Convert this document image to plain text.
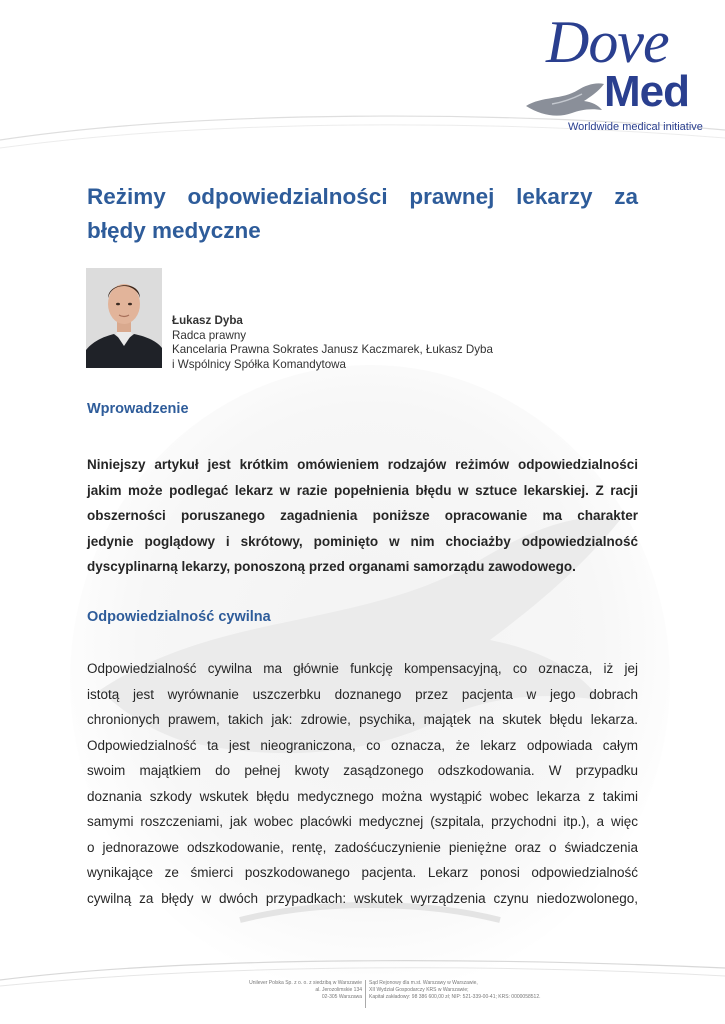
Dove
Med
Worldwide medical initiative
Łukasz Dyba
Radca prawny
Kancelaria Prawna Sokrates Janusz Kaczmarek, Łukasz Dyba
i Wspólnicy Spółka Komandytowa
Reżimy odpowiedzialności prawnej lekarzy za błędy medyczne
Wprowadzenie
Niniejszy artykuł jest krótkim omówieniem rodzajów reżimów odpowiedzialności
jakim może podlegać lekarz w razie popełnienia błędu w sztuce lekarskiej. Z racji
obszerności poruszanego zagadnienia poniższe opracowanie ma charakter
jedynie poglądowy i skrótowy, pominięto w nim chociażby odpowiedzialność
dyscyplinarną lekarzy, ponoszoną przed organami samorządu zawodowego.
Odpowiedzialność cywilna
Odpowiedzialność cywilna ma głównie funkcję kompensacyjną, co oznacza, iż jej
istotą jest wyrównanie uszczerbku doznanego przez pacjenta w jego dobrach
chronionych prawem, takich jak: zdrowie, psychika, majątek na skutek błędu lekarza.
Odpowiedzialność ta jest nieograniczona, co oznacza, że lekarz odpowiada całym
swoim majątkiem do pełnej kwoty zasądzonego odszkodowania. W przypadku
doznania szkody wskutek błędu medycznego można wystąpić wobec lekarza z takimi
samymi roszczeniami, jak wobec placówki medycznej (szpitala, przychodni itp.), a więc
o jednorazowe odszkodowanie, rentę, zadośćuczynienie pieniężne oraz o świadczenia
wynikające ze śmierci poszkodowanego pacjenta. Lekarz ponosi odpowiedzialność
cywilną za błędy w dwóch przypadkach: wskutek wyrządzenia czynu niedozwolonego,
Unilever Polska Sp. z o. o. z siedzibą w Warszawie
al. Jerozolimskie 134
02-305 Warszawa
Sąd Rejonowy dla m.st. Warszawy w Warszawie,
XII Wydział Gospodarczy KRS w Warszawie;
Kapitał zakładowy: 98 386 600,00 zł; NIP: 521-339-00-41; KRS: 0000058512.
